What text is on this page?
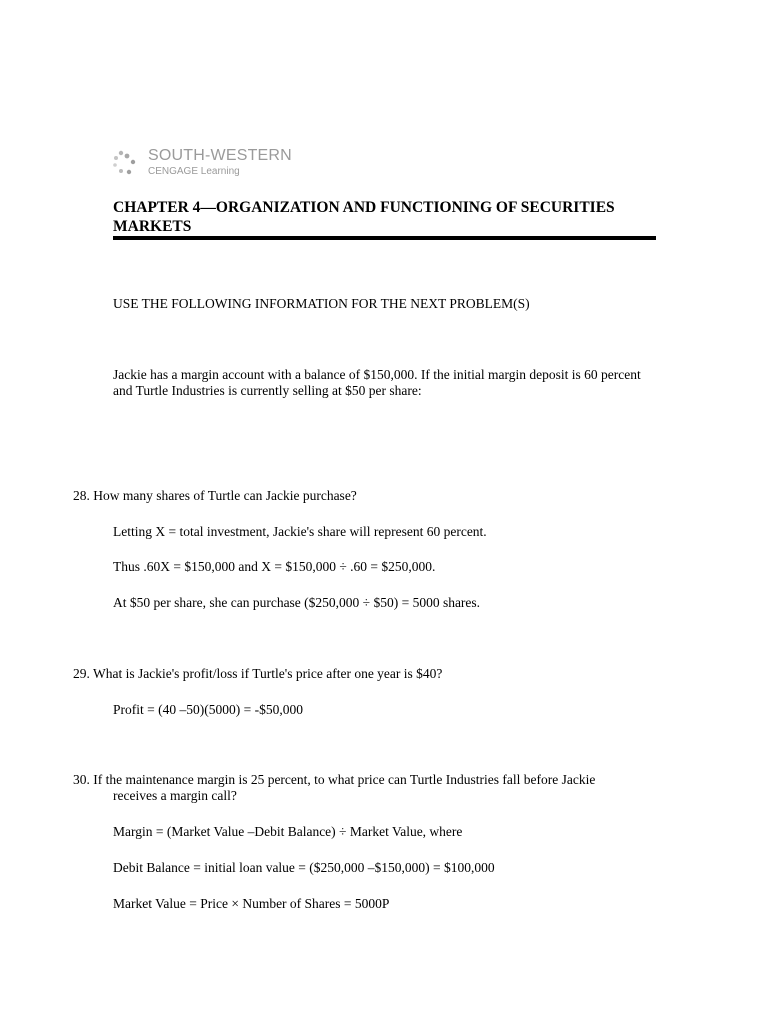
SOUTH-WESTERN
CENGAGE Learning
CHAPTER 4—ORGANIZATION AND FUNCTIONING OF SECURITIES MARKETS

USE THE FOLLOWING INFORMATION FOR THE NEXT PROBLEM(S)

Jackie has a margin account with a balance of $150,000. If the initial margin deposit is 60 percent

and Turtle Industries is currently selling at $50 per share:

28. How many shares of Turtle can Jackie purchase?

Letting X = total investment, Jackie's share will represent 60 percent.

Thus .60X = $150,000 and X = $150,000 ÷ .60 = $250,000.

At $50 per share, she can purchase ($250,000 ÷ $50) = 5000 shares.

29. What is Jackie's profit/loss if Turtle's price after one year is $40?

Profit = (40 –50)(5000) = -$50,000

30. If the maintenance margin is 25 percent, to what price can Turtle Industries fall before Jackie

receives a margin call?

Margin = (Market Value –Debit Balance) ÷ Market Value, where

Debit Balance = initial loan value = ($250,000 –$150,000) = $100,000

Market Value = Price × Number of Shares = 5000P
